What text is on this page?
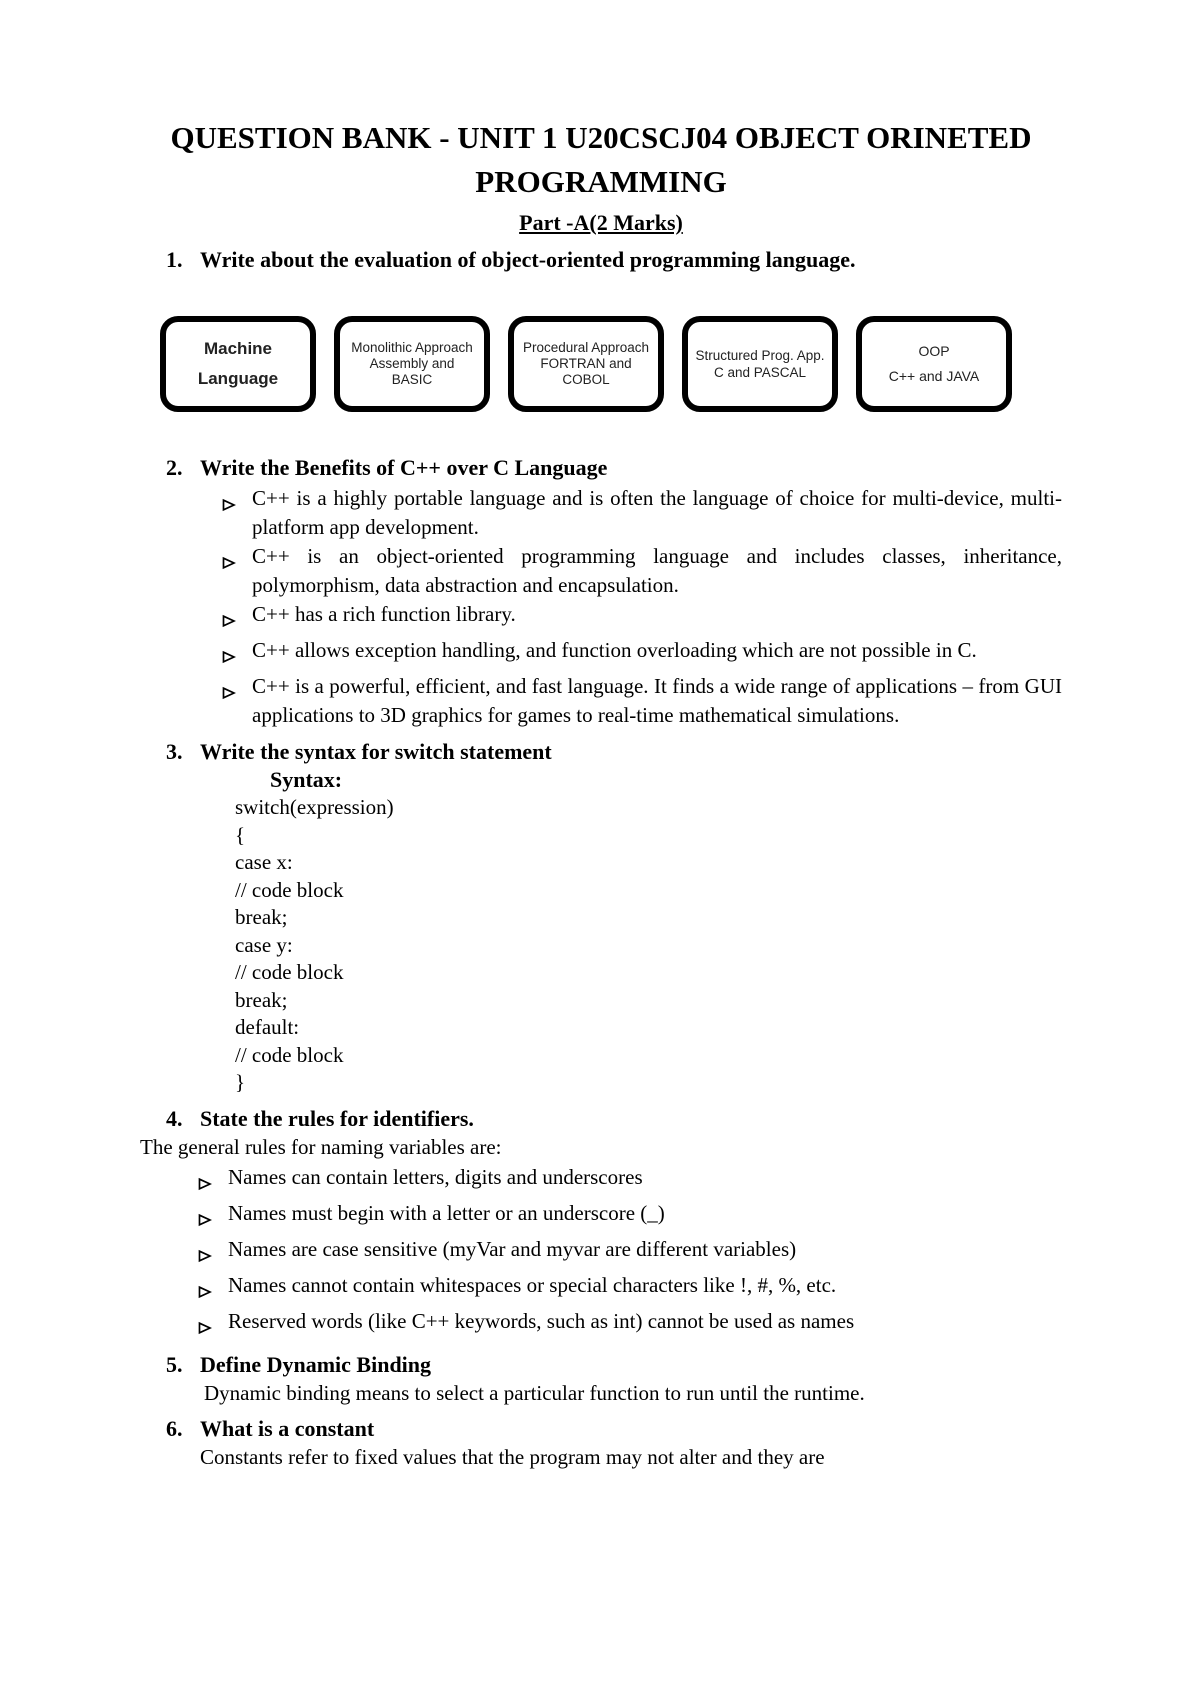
QUESTION BANK - UNIT 1 U20CSCJ04 OBJECT ORINETED
PROGRAMMING
Part -A(2 Marks)
1. Write about the evaluation of object-oriented programming language.
Machine
Language
Monolithic Approach
Assembly and
BASIC
Procedural Approach
FORTRAN and
COBOL
Structured Prog. App.
C and PASCAL
OOP
C++ and JAVA
2. Write the Benefits of C++ over C Language
C++ is a highly portable language and is often the language of choice for multi-device, multi-platform app development.
C++ is an object-oriented programming language and includes classes, inheritance, polymorphism, data abstraction and encapsulation.
C++ has a rich function library.
C++ allows exception handling, and function overloading which are not possible in C.
C++ is a powerful, efficient, and fast language. It finds a wide range of applications – from GUI applications to 3D graphics for games to real-time mathematical simulations.
3. Write the syntax for switch statement
Syntax:
switch(expression)
{
case x:
// code block
break;
case y:
// code block
break;
default:
// code block
}
4. State the rules for identifiers.
The general rules for naming variables are:
Names can contain letters, digits and underscores
Names must begin with a letter or an underscore (_)
Names are case sensitive (myVar and myvar are different variables)
Names cannot contain whitespaces or special characters like !, #, %, etc.
Reserved words (like C++ keywords, such as int) cannot be used as names
5. Define Dynamic Binding
Dynamic binding means to select a particular function to run until the runtime.
6. What is a constant
Constants refer to fixed values that the program may not alter and they are
